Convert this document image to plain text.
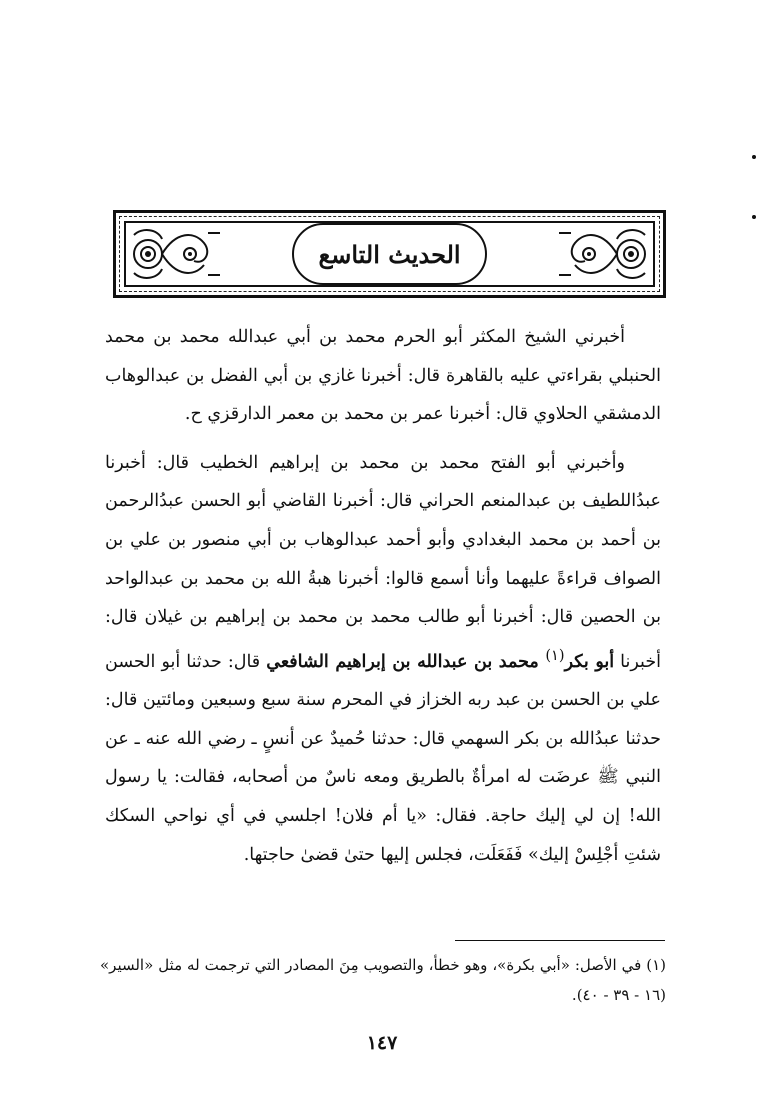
الحديث التاسع

أخبرني الشيخ المكثر أبو الحرم محمد بن أبي عبدالله محمد بن محمد الحنبلي بقراءتي عليه بالقاهرة قال: أخبرنا غازي بن أبي الفضل بن عبدالوهاب الدمشقي الحلاوي قال: أخبرنا عمر بن محمد بن معمر الدارقزي ح.

وأخبرني أبو الفتح محمد بن محمد بن إبراهيم الخطيب قال: أخبرنا عبدُاللطيف بن عبدالمنعم الحراني قال: أخبرنا القاضي أبو الحسن عبدُالرحمن بن أحمد بن محمد البغدادي وأبو أحمد عبدالوهاب بن أبي منصور بن علي بن الصواف قراءةً عليهما وأنا أسمع قالوا: أخبرنا هبةُ الله بن محمد بن عبدالواحد بن الحصين قال: أخبرنا أبو طالب محمد بن محمد بن إبراهيم بن غيلان قال: أخبرنا أبو بكر$^{(١)}$ محمد بن عبدالله بن إبراهيم الشافعي قال: حدثنا أبو الحسن علي بن الحسن بن عبد ربه الخزاز في المحرم سنة سبع وسبعين ومائتين قال: حدثنا عبدُالله بن بكر السهمي قال: حدثنا حُميدٌ عن أنسٍ ـ رضي الله عنه ـ عن النبي ﷺ عرضَت له امرأةٌ بالطريق ومعه ناسٌ من أصحابه، فقالت: يا رسول الله! إن لي إليك حاجة. فقال: «يا أم فلان! اجلسي في أي نواحي السكك شئتِ أجْلِسْ إليك» فَفَعَلَت، فجلس إليها حتىٰ قضىٰ حاجتها.

(١) في الأصل: «أبي بكرة»، وهو خطأ، والتصويب مِنَ المصادر التي ترجمت له مثل «السير» (١٦ - ٣٩ - ٤٠).
١٤٧
